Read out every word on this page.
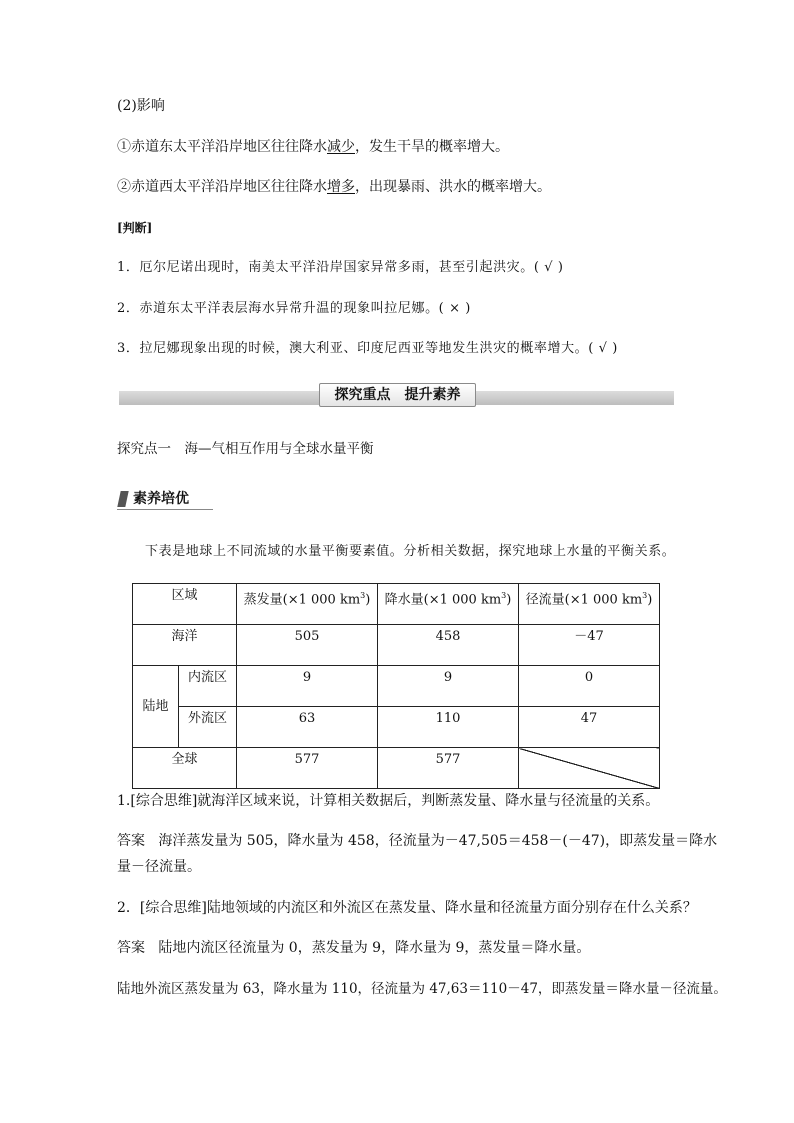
(2)影响
①赤道东太平洋沿岸地区往往降水减少，发生干旱的概率增大。
②赤道西太平洋沿岸地区往往降水增多，出现暴雨、洪水的概率增大。
[判断]
1．厄尔尼诺出现时，南美太平洋沿岸国家异常多雨，甚至引起洪灾。( √ )
2．赤道东太平洋表层海水异常升温的现象叫拉尼娜。( × )
3．拉尼娜现象出现的时候，澳大利亚、印度尼西亚等地发生洪灾的概率增大。( √ )
探究重点　提升素养
探究点一　海—气相互作用与全球水量平衡
素养培优
下表是地球上不同流域的水量平衡要素值。分析相关数据，探究地球上水量的平衡关系。
区域		蒸发量(×1 000 $km^3$)	降水量(×1 000 $km^3$)	径流量(×1 000 $km^3$)
海洋		505	458	－47
陆地	内流区	9	9	0
	外流区	63	110	47
全球		577	577	
1.[综合思维]就海洋区域来说，计算相关数据后，判断蒸发量、降水量与径流量的关系。
答案 海洋蒸发量为 505，降水量为 458，径流量为－47,505＝458－(－47)，即蒸发量＝降水
量－径流量。
2．[综合思维]陆地领域的内流区和外流区在蒸发量、降水量和径流量方面分别存在什么关系？
答案 陆地内流区径流量为 0，蒸发量为 9，降水量为 9，蒸发量＝降水量。
陆地外流区蒸发量为 63，降水量为 110，径流量为 47,63＝110－47，即蒸发量＝降水量－径流量。
